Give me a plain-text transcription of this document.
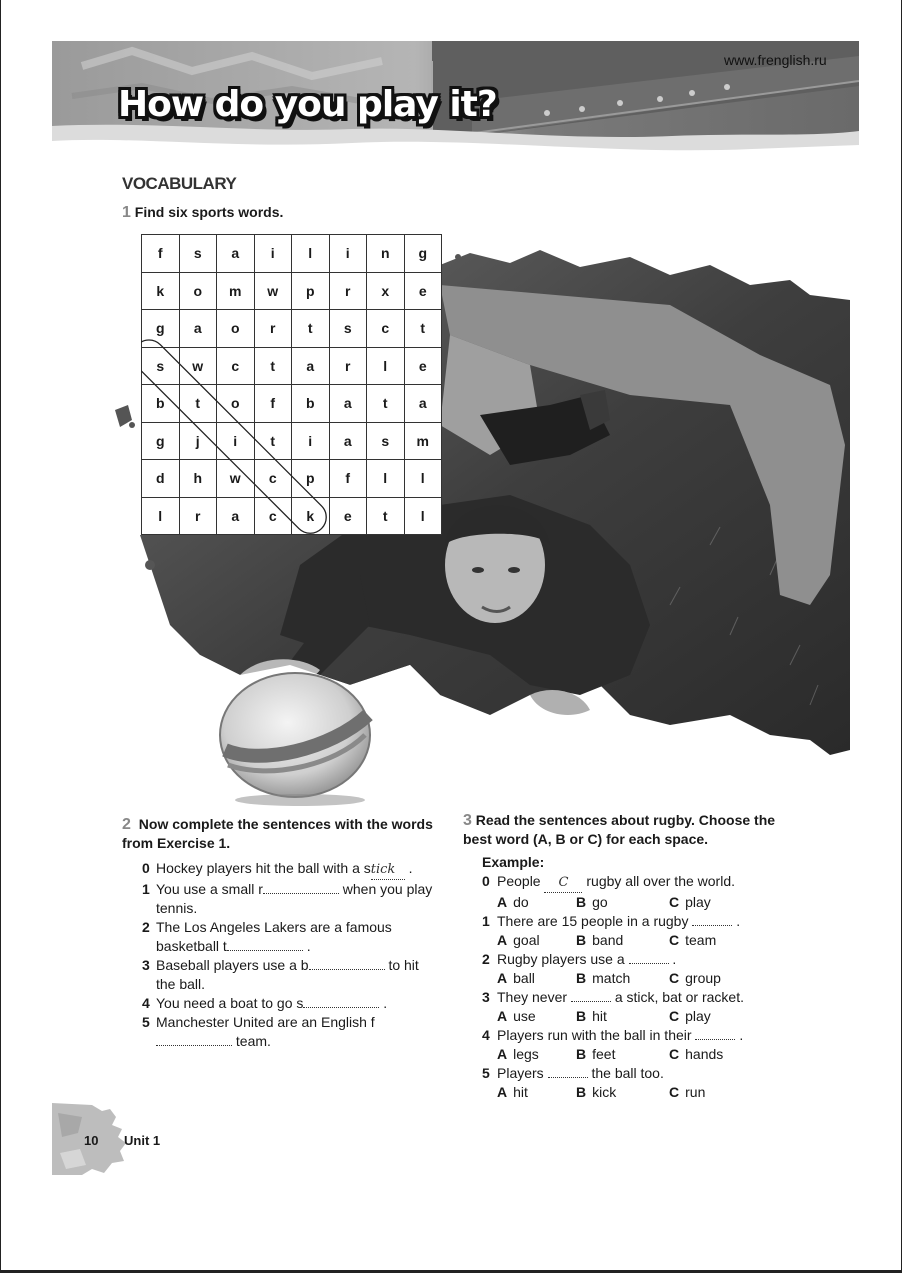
www.frenglish.ru
How do you play it?
VOCABULARY
1 Find six sports words.
f	s	a	i	l	i	n	g
k	o	m	w	p	r	x	e
g	a	o	r	t	s	c	t
s	w	c	t	a	r	l	e
b	t	o	f	b	a	t	a
g	j	i	t	i	a	s	m
d	h	w	c	p	f	l	l
l	r	a	c	k	e	t	l
2 Now complete the sentences with the words from Exercise 1.
0 Hockey players hit the ball with a stick .
1 You use a small r	when you play tennis.
2 The Los Angeles Lakers are a famous basketball t	.
3 Baseball players use a b	to hit the ball.
4 You need a boat to go s	.
5 Manchester United are an English f team.
3 Read the sentences about rugby. Choose the best word (A, B or C) for each space.
Example:
0 People C rugby all over the world.
A do	B go	C play
1 There are 15 people in a rugby	.
A goal	B band	C team
2 Rugby players use a	.
A ball	B match	C group
3 They never	a stick, bat or racket.
A use	B hit	C play
4 Players run with the ball in their	.
A legs	B feet	C hands
5 Players	the ball too.
A hit	B kick	C run
10 Unit 1
